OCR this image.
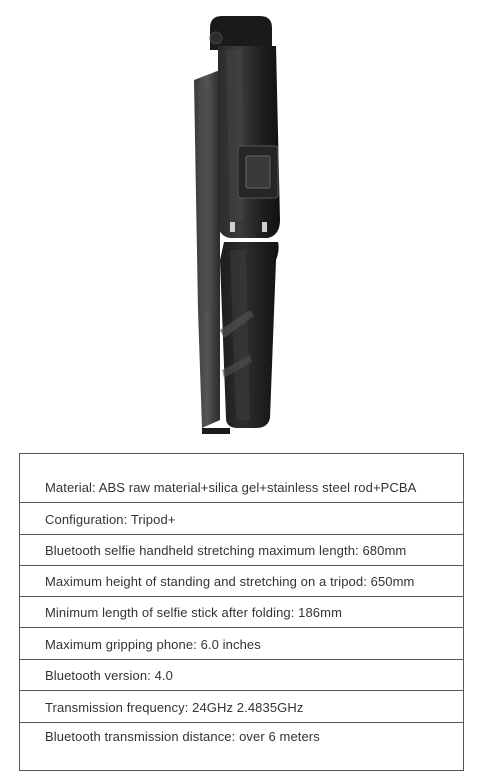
Material: ABS raw material+silica gel+stainless steel rod+PCBA
Configuration: Tripod+
Bluetooth selfie handheld stretching maximum length: 680mm
Maximum height of standing and stretching on a tripod: 650mm
Minimum length of selfie stick after folding: 186mm
Maximum gripping phone: 6.0 inches
Bluetooth version: 4.0
Transmission frequency: 24GHz 2.4835GHz
Bluetooth transmission distance: over 6 meters
